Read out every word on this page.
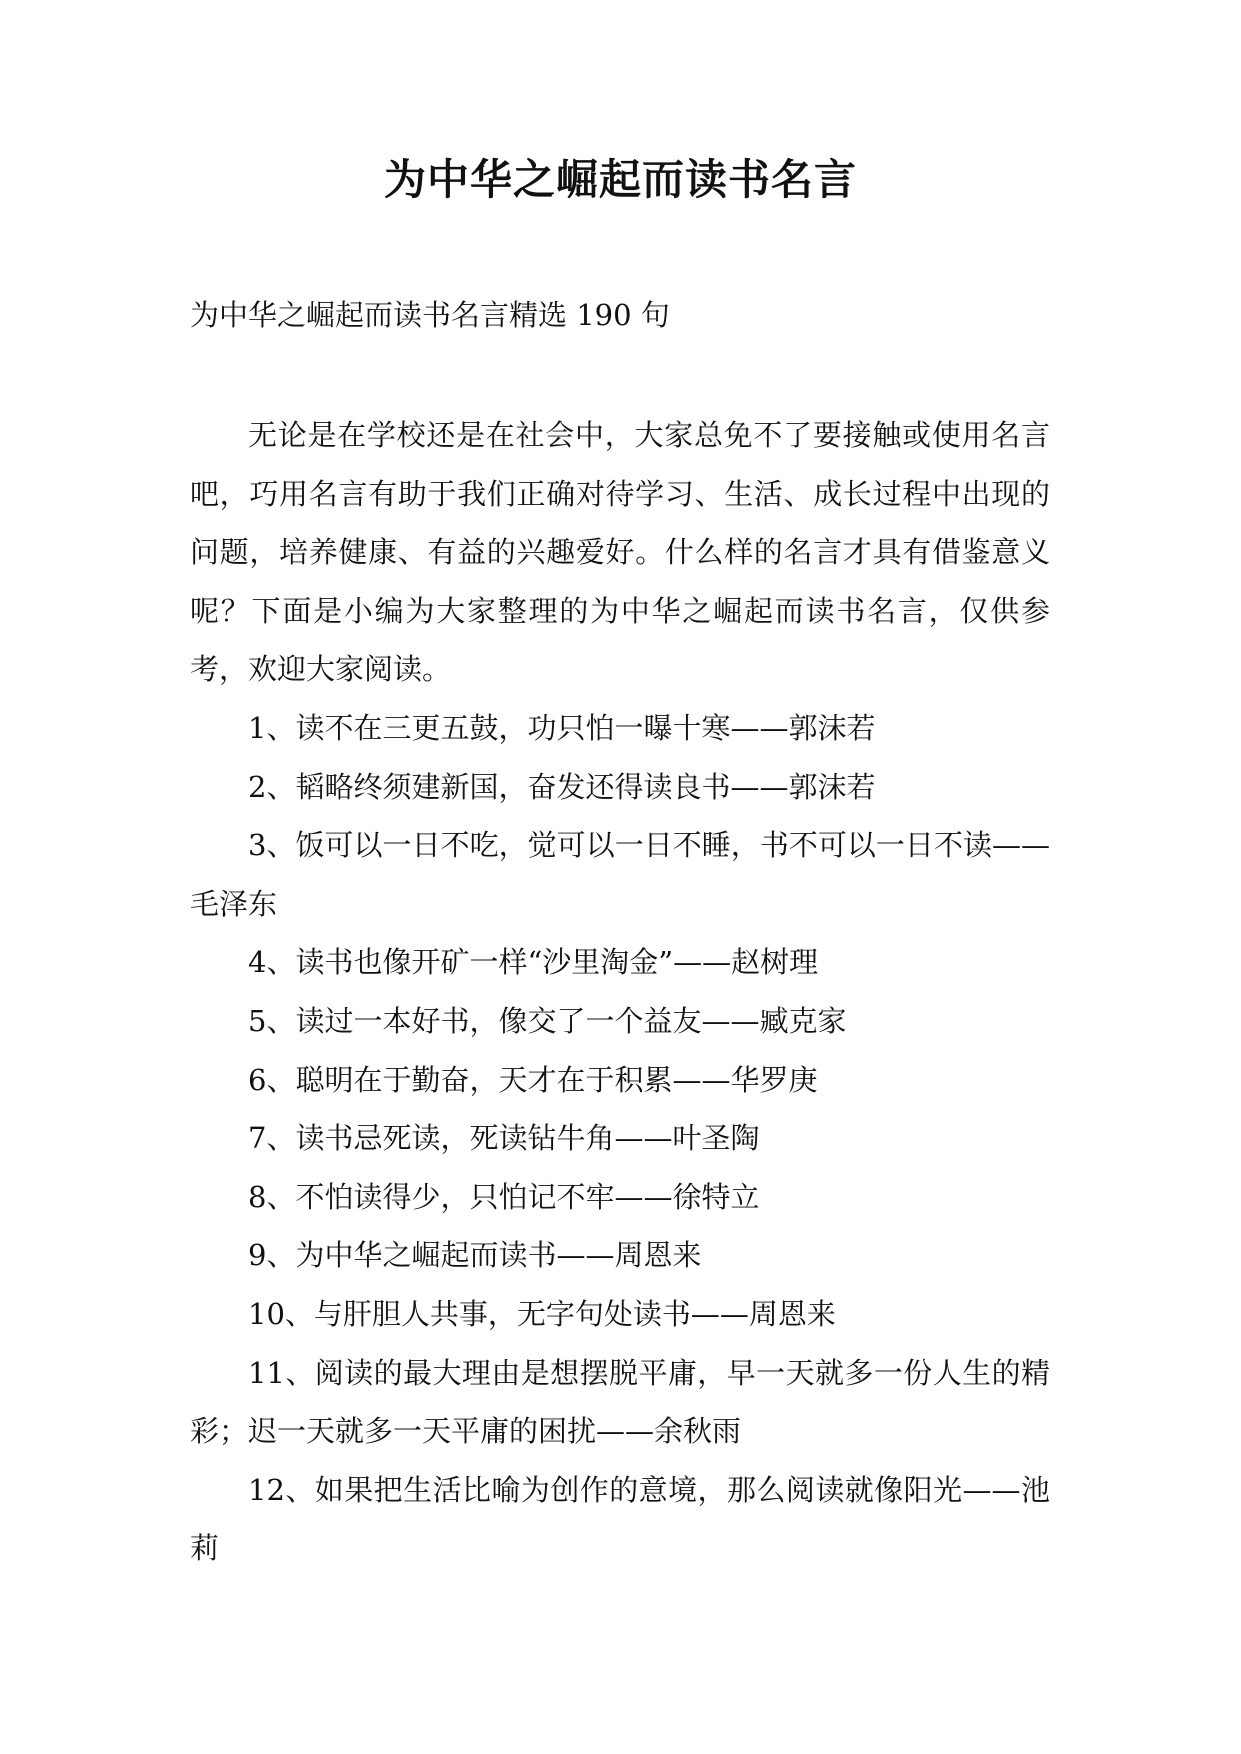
为中华之崛起而读书名言
为中华之崛起而读书名言精选 190 句

无论是在学校还是在社会中，大家总免不了要接触或使用名言吧，巧用名言有助于我们正确对待学习、生活、成长过程中出现的问题，培养健康、有益的兴趣爱好。什么样的名言才具有借鉴意义呢？下面是小编为大家整理的为中华之崛起而读书名言，仅供参考，欢迎大家阅读。

1、读不在三更五鼓，功只怕一曝十寒——郭沫若

2、韬略终须建新国，奋发还得读良书——郭沫若

3、饭可以一日不吃，觉可以一日不睡，书不可以一日不读——毛泽东

4、读书也像开矿一样“沙里淘金”——赵树理

5、读过一本好书，像交了一个益友——臧克家

6、聪明在于勤奋，天才在于积累——华罗庚

7、读书忌死读，死读钻牛角——叶圣陶

8、不怕读得少，只怕记不牢——徐特立

9、为中华之崛起而读书——周恩来

10、与肝胆人共事，无字句处读书——周恩来

11、阅读的最大理由是想摆脱平庸，早一天就多一份人生的精彩；迟一天就多一天平庸的困扰——余秋雨

12、如果把生活比喻为创作的意境，那么阅读就像阳光——池莉
